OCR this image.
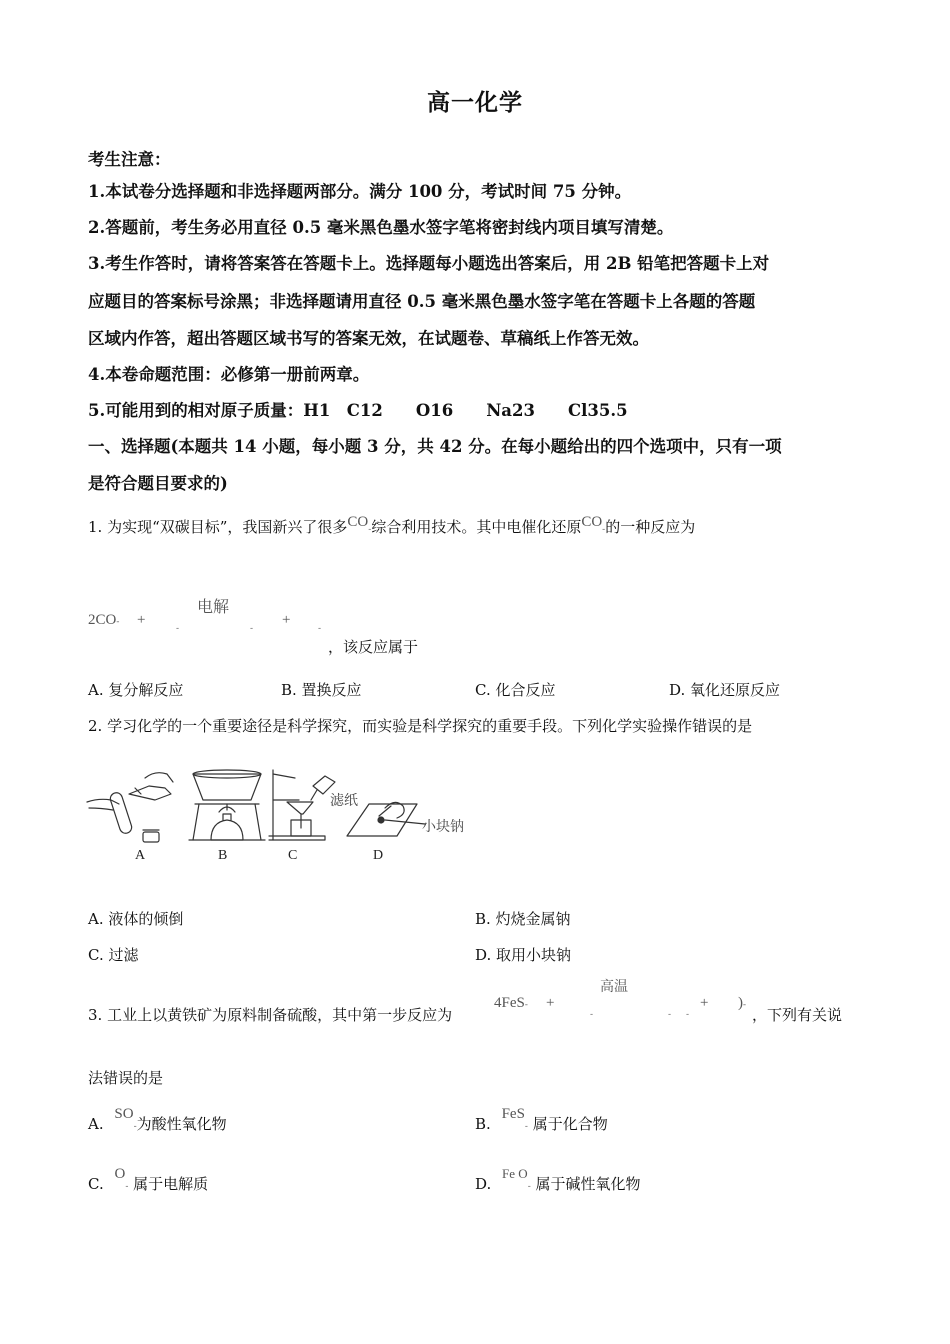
高一化学
考生注意：
1.本试卷分选择题和非选择题两部分。满分 100 分，考试时间 75 分钟。
2.答题前，考生务必用直径 0.5 毫米黑色墨水签字笔将密封线内项目填写清楚。
3.考生作答时，请将答案答在答题卡上。选择题每小题选出答案后，用 2B 铅笔把答题卡上对
应题目的答案标号涂黑；非选择题请用直径 0.5 毫米黑色墨水签字笔在答题卡上各题的答题
区域内作答，超出答题区域书写的答案无效，在试题卷、草稿纸上作答无效。
4.本卷命题范围：必修第一册前两章。
5.可能用到的相对原子质量：H1　C12　　O16　　Na23　　Cl35.5
一、选择题(本题共 14 小题，每小题 3 分，共 42 分。在每小题给出的四个选项中，只有一项
是符合题目要求的)
1. 为实现“双碳目标”，我国新兴了很多CO-综合利用技术。其中电催化还原CO-的一种反应为
电解
2CO- +
-	-
+
-
，该反应属于
A. 复分解反应	B. 置换反应	C. 化合反应	D. 氧化还原反应
2. 学习化学的一个重要途径是科学探究，而实验是科学探究的重要手段。下列化学实验操作错误的是
A	B	C	D
滤纸
小块钠
A. 液体的倾倒	B. 灼烧金属钠
C. 过滤	D. 取用小块钠
高温
3. 工业上以黄铁矿为原料制备硫酸，其中第一步反应为
4FeS- +
-	- -
+ )-
，下列有关说
法错误的是
A. SO-为酸性氧化物	B. FeS- 属于化合物
C. O- 属于电解质	D. Fe O- 属于碱性氧化物
